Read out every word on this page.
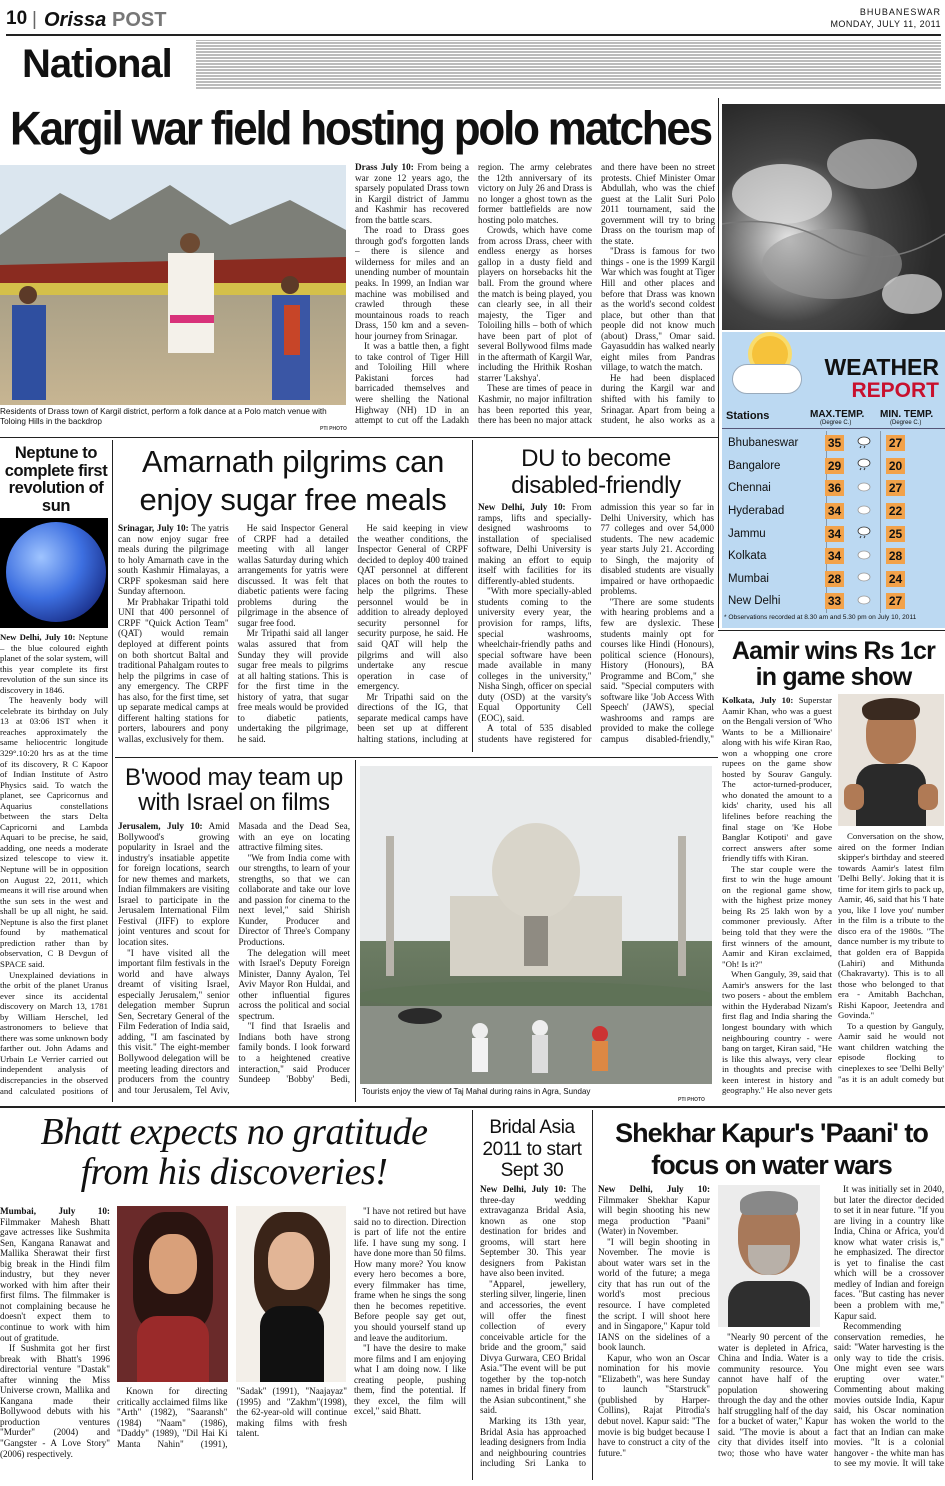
10 | Orissa POST	BHUBANESWAR
MONDAY, JULY 11, 2011
National
Kargil war field hosting polo matches
Residents of Drass town of Kargil district, perform a folk dance at a Polo match venue with Toloing Hills in the backdrop
PTI PHOTO

Drass July 10: From being a war zone 12 years ago, the sparsely populated Drass town in Kargil district of Jammu and Kashmir has recovered from the battle scars.

The road to Drass goes through god's forgotten lands – there is silence and wilderness for miles and an unending number of mountain peaks. In 1999, an Indian war machine was mobilised and crawled through these mountainous roads to reach Drass, 150 km and a seven-hour journey from Srinagar.

It was a battle then, a fight to take control of Tiger Hill and Toloiling Hill where Pakistani forces had barricaded themselves and were shelling the National Highway (NH) 1D in an attempt to cut off the Ladakh region. The army celebrates the 12th anniversary of its victory on July 26 and Drass is no longer a ghost town as the former battlefields are now hosting polo matches.

Crowds, which have come from across Drass, cheer with endless energy as horses gallop in a dusty field and players on horsebacks hit the ball. From the ground where the match is being played, you can clearly see, in all their majesty, the Tiger and Toloiling hills – both of which have been part of plot of several Bollywood films made in the aftermath of Kargil War, including the Hrithik Roshan starrer 'Lakshya'.

These are times of peace in Kashmir, no major infiltration has been reported this year, there has been no major attack and there have been no street protests. Chief Minister Omar Abdullah, who was the chief guest at the Lalit Suri Polo 2011 tournament, said the government will try to bring Drass on the tourism map of the state.

"Drass is famous for two things - one is the 1999 Kargil War which was fought at Tiger Hill and other places and before that Drass was known as the world's second coldest place, but other than that people did not know much (about) Drass," Omar said. Gayasuddin has walked nearly eight miles from Pandras village, to watch the match.

He had been displaced during the Kargil war and shifted with his family to Srinagar. Apart from being a student, he also works as a

WEATHER
REPORT
Stations	MAX.TEMP.
(Degree C.)
MIN. TEMP.
(Degree C.)
Bhubaneswar	35		27
Bangalore	29		20
Chennai	36		27
Hyderabad	34		22
Jammu	34		25
Kolkata	34		28
Mumbai	28		24
New Delhi	33		27
* Observations recorded at 8.30 am and 5.30 pm on July 10, 2011
Neptune to complete first revolution of sun

New Delhi, July 10: Neptune – the blue coloured eighth planet of the solar system, will this year complete its first revolution of the sun since its discovery in 1846.

The heavenly body will celebrate its birthday on July 13 at 03:06 IST when it reaches approximately the same heliocentric longitude 329°.10:20 hrs as at the time of its discovery, R C Kapoor of Indian Institute of Astro Physics said. To watch the planet, see Capricornus and Aquarius constellations between the stars Delta Capricorni and Lambda Aquari to be precise, he said, adding, one needs a moderate sized telescope to view it. Neptune will be in opposition on August 22, 2011, which means it will rise around when the sun sets in the west and shall be up all night, he said. Neptune is also the first planet found by mathematical prediction rather than by observation, C B Devgun of SPACE said.

Unexplained deviations in the orbit of the planet Uranus ever since its accidental discovery on March 13, 1781 by William Herschel, led astronomers to believe that there was some unknown body farther out. John Adams and Urbain Le Verrier carried out independent analysis of discrepancies in the observed and calculated positions of

Amarnath pilgrims can enjoy sugar free meals

Srinagar, July 10: The yatris can now enjoy sugar free meals during the pilgrimage to holy Amarnath cave in the south Kashmir Himalayas, a CRPF spokesman said here Sunday afternoon.

Mr Prabhakar Tripathi told UNI that 400 personnel of CRPF "Quick Action Team" (QAT) would remain deployed at different points on both shortcut Baltal and traditional Pahalgam routes to help the pilgrims in case of any emergency. The CRPF has also, for the first time, set up separate medical camps at different halting stations for porters, labourers and pony wallas, exclusively for them.

He said Inspector General of CRPF had a detailed meeting with all langer wallas Saturday during which arrangements for yatris were discussed. It was felt that diabetic patients were facing problems during the pilgrimage in the absence of sugar free food.

Mr Tripathi said all langer walas assured that from Sunday they will provide sugar free meals to pilgrims at all halting stations. This is for the first time in the history of yatra, that sugar free meals would be provided to diabetic patients, undertaking the pilgrimage, he said.

He said keeping in view the weather conditions, the Inspector General of CRPF decided to deploy 400 trained QAT personnel at different places on both the routes to help the pilgrims. These personnel would be in addition to already deployed security personnel for security purpose, he said. He said QAT will help the pilgrims and will also undertake any rescue operation in case of emergency.

Mr Tripathi said on the directions of the IG, that separate medical camps have been set up at different halting stations, including at

DU to become disabled-friendly

New Delhi, July 10: From ramps, lifts and specially-designed washrooms to installation of specialised software, Delhi University is making an effort to equip itself with facilities for its differently-abled students.

"With more specially-abled students coming to the university every year, the provision for ramps, lifts, special washrooms, wheelchair-friendly paths and special software have been made available in many colleges in the university," Nisha Singh, officer on special duty (OSD) at the varsity's Equal Opportunity Cell (EOC), said.

A total of 535 disabled students have registered for admission this year so far in Delhi University, which has 77 colleges and over 54,000 students. The new academic year starts July 21. According to Singh, the majority of disabled students are visually impaired or have orthopaedic problems.

"There are some students with hearing problems and a few are dyslexic. These students mainly opt for courses like Hindi (Honours), political science (Honours), History (Honours), BA Programme and BCom," she said. "Special computers with software like 'Job Access With Speech' (JAWS), special washrooms and ramps are provided to make the college campus disabled-friendly,"

B'wood may team up with Israel on films

Jerusalem, July 10: Amid Bollywood's growing popularity in Israel and the industry's insatiable appetite for foreign locations, search for new themes and markets, Indian filmmakers are visiting Israel to participate in the Jerusalem International Film Festival (JIFF) to explore joint ventures and scout for location sites.

"I have visited all the important film festivals in the world and have always dreamt of visiting Israel, especially Jerusalem," senior delegation member Suprun Sen, Secretary General of the Film Federation of India said, adding, "I am fascinated by this visit." The eight-member Bollywood delegation will be meeting leading directors and producers from the country and tour Jerusalem, Tel Aviv, Masada and the Dead Sea, with an eye on locating attractive filming sites.

"We from India come with our strengths, to learn of your strengths, so that we can collaborate and take our love and passion for cinema to the next level," said Shirish Kunder, Producer and Director of Three's Company Productions.

The delegation will meet with Israel's Deputy Foreign Minister, Danny Ayalon, Tel Aviv Mayor Ron Huldai, and other influential figures across the political and social spectrum.

"I find that Israelis and Indians both have strong family bonds. I look forward to a heightened creative interaction," said Producer Sundeep 'Bobby' Bedi,

Tourists enjoy the view of Taj Mahal during rains in Agra, Sunday
PTI PHOTO
Aamir wins Rs 1cr in game show

Kolkata, July 10: Superstar Aamir Khan, who was a guest on the Bengali version of 'Who Wants to be a Millionaire' along with his wife Kiran Rao, won a whopping one crore rupees on the game show hosted by Sourav Ganguly. The actor-turned-producer, who donated the amount to a kids' charity, used his all lifelines before reaching the final stage on 'Ke Hobe Banglar Kotipoti' and gave correct answers after some friendly tiffs with Kiran.

The star couple were the first to win the huge amount on the regional game show, with the highest prize money being Rs 25 lakh won by a commoner previously. After being told that they were the first winners of the amount, Aamir and Kiran exclaimed, "Oh! Is it?"

When Ganguly, 39, said that Aamir's answers for the last two posers - about the emblem within the Hyderabad Nizam's first flag and India sharing the longest boundary with which neighbouring country - were bang on target, Kiran said, "He is like this always, very clear in thoughts and precise with keen interest in history and geography." He also never gets

Conversation on the show, aired on the former Indian skipper's birthday and steered towards Aamir's latest film 'Delhi Belly'. Joking that it is time for item girls to pack up, Aamir, 46, said that his 'I hate you, like I love you' number in the film is a tribute to the disco era of the 1980s. "The dance number is my tribute to that golden era of Bappida (Lahiri) and Mithunda (Chakravarty). This is to all those who belonged to that era - Amitabh Bachchan, Rishi Kapoor, Jeetendra and Govinda."

To a question by Ganguly, Aamir said he would not want children watching the episode flocking to cineplexes to see 'Delhi Belly' "as it is an adult comedy but

Bhatt expects no gratitude from his discoveries!

Mumbai, July 10: Filmmaker Mahesh Bhatt gave actresses like Sushmita Sen, Kangana Ranawat and Mallika Sherawat their first big break in the Hindi film industry, but they never worked with him after their first films. The filmmaker is not complaining because he doesn't expect them to continue to work with him out of gratitude.

If Sushmita got her first break with Bhatt's 1996 directorial venture "Dastak" after winning the Miss Universe crown, Mallika and Kangana made their Bollywood debuts with his production ventures "Murder" (2004) and "Gangster - A Love Story" (2006) respectively.

Known for directing critically acclaimed films like "Arth" (1982), "Saaransh" (1984) "Naam" (1986), "Daddy" (1989), "Dil Hai Ki Manta Nahin" (1991), "Sadak" (1991), "Naajayaz" (1995) and "Zakhm"(1998), the 62-year-old will continue making films with fresh talent.

"I have not retired but have said no to direction. Direction is part of life not the entire life. I have sung my song. I have done more than 50 films. How many more? You know every hero becomes a bore, every filmmaker has time, frame when he sings the song then he becomes repetitive. Before people say get out, you should yourself stand up and leave the auditorium.

"I have the desire to make more films and I am enjoying what I am doing now. I like creating people, pushing them, find the potential. If they excel, the film will excel," said Bhatt.

Bridal Asia 2011 to start Sept 30

New Delhi, July 10: The three-day wedding extravaganza Bridal Asia, known as one stop destination for brides and grooms, will start here September 30. This year designers from Pakistan have also been invited.

"Apparel, jewellery, sterling silver, lingerie, linen and accessories, the event will offer the finest collection of every conceivable article for the bride and the groom," said Divya Gurwara, CEO Bridal Asia."The event will be put together by the top-notch names in bridal finery from the Asian subcontinent," she said.

Marking its 13th year, Bridal Asia has approached leading designers from India and neighbouring countries including Sri Lanka to

Shekhar Kapur's 'Paani' to focus on water wars

New Delhi, July 10: Filmmaker Shekhar Kapur will begin shooting his new mega production "Paani" (Water) in November.

"I will begin shooting in November. The movie is about water wars set in the world of the future; a mega city that has run out of the world's most precious resource. I have completed the script. I will shoot here and in Singapore," Kapur told IANS on the sidelines of a book launch.

Kapur, who won an Oscar nomination for his movie "Elizabeth", was here Sunday to launch "Starstruck" (published by Harper-Collins), Rajat Pitrodia's debut novel. Kapur said: "The movie is big budget because I have to construct a city of the future."

"Nearly 90 percent of the water is depleted in Africa, China and India. Water is a community resource. You cannot have half of the population showering through the day and the other half struggling half of the day for a bucket of water," Kapur said. "The movie is about a city that divides itself into two; those who have water

It was initially set in 2040, but later the director decided to set it in near future. "If you are living in a country like India, China or Africa, you'd know what water crisis is," he emphasized. The director is yet to finalise the cast which will be a crossover medley of Indian and foreign faces. "But casting has never been a problem with me," Kapur said.

Recommending conservation remedies, he said: "Water harvesting is the only way to tide the crisis. One might even see wars erupting over water." Commenting about making movies outside India, Kapur said, his Oscar nomination has woken the world to the fact that an Indian can make movies. "It is a colonial hangover - the white man has to see my movie. It will take
